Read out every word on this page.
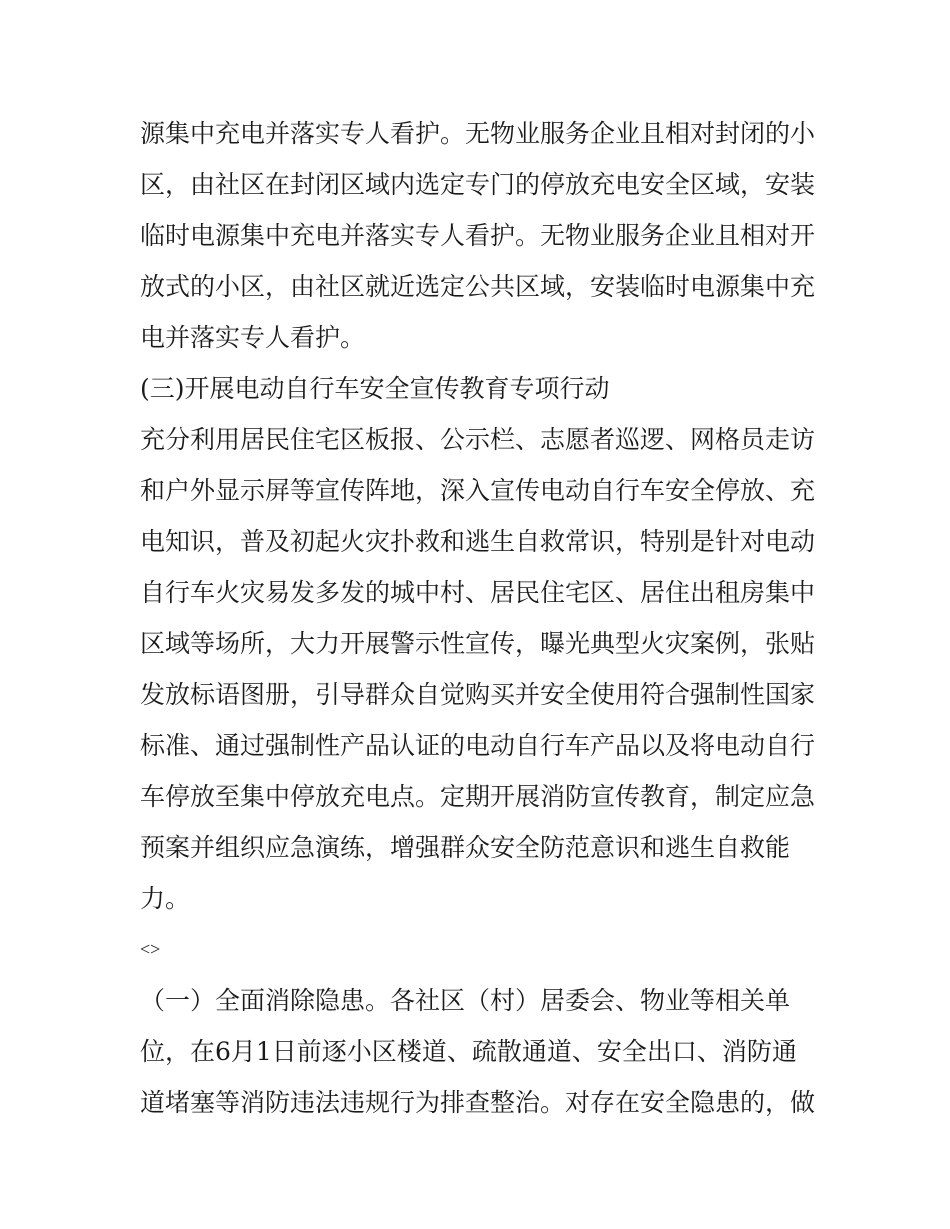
源集中充电并落实专人看护。无物业服务企业且相对封闭的小
区，由社区在封闭区域内选定专门的停放充电安全区域，安装
临时电源集中充电并落实专人看护。无物业服务企业且相对开
放式的小区，由社区就近选定公共区域，安装临时电源集中充
电并落实专人看护。
(三)开展电动自行车安全宣传教育专项行动
充分利用居民住宅区板报、公示栏、志愿者巡逻、网格员走访
和户外显示屏等宣传阵地，深入宣传电动自行车安全停放、充
电知识，普及初起火灾扑救和逃生自救常识，特别是针对电动
自行车火灾易发多发的城中村、居民住宅区、居住出租房集中
区域等场所，大力开展警示性宣传，曝光典型火灾案例，张贴
发放标语图册，引导群众自觉购买并安全使用符合强制性国家
标准、通过强制性产品认证的电动自行车产品以及将电动自行
车停放至集中停放充电点。定期开展消防宣传教育，制定应急
预案并组织应急演练，增强群众安全防范意识和逃生自救能
力。
<>
（一）全面消除隐患。各社区（村）居委会、物业等相关单
位，在6月1日前逐小区楼道、疏散通道、安全出口、消防通
道堵塞等消防违法违规行为排查整治。对存在安全隐患的，做
